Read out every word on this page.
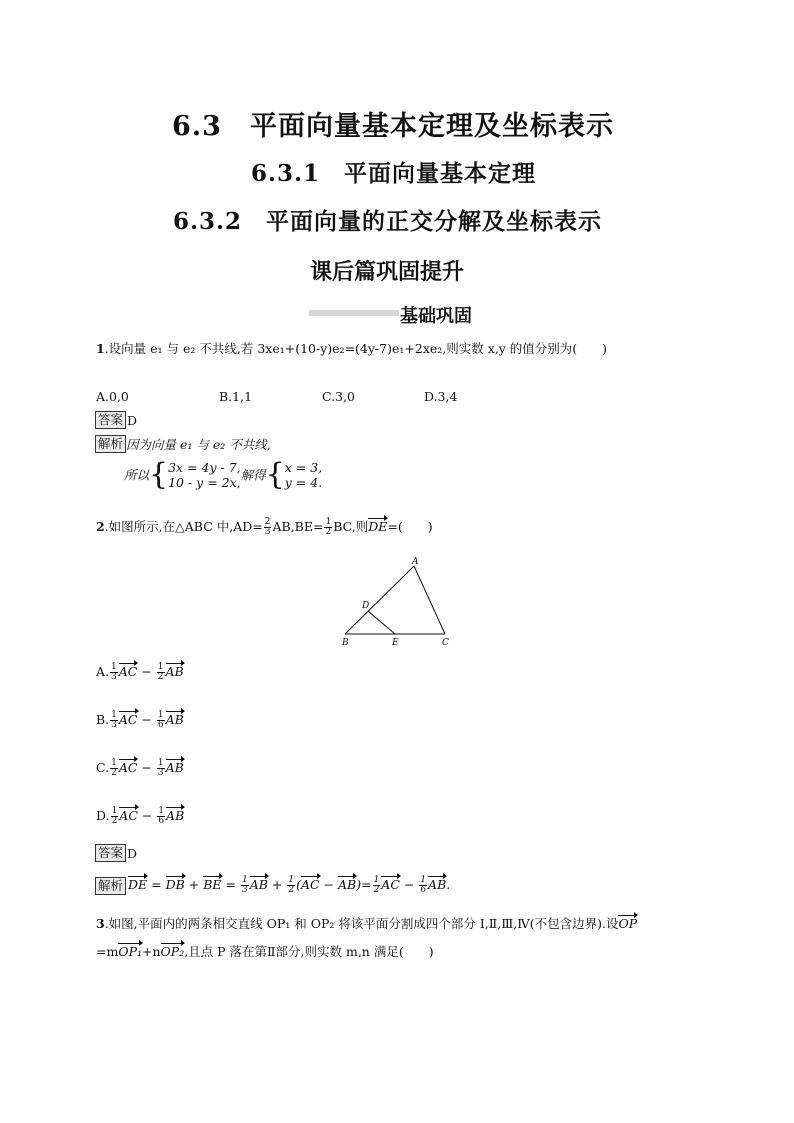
6.3　平面向量基本定理及坐标表示
6.3.1　平面向量基本定理
6.3.2　平面向量的正交分解及坐标表示
课后篇巩固提升
基础巩固
1.设向量 e₁ 与 e₂ 不共线,若 3xe₁+(10-y)e₂=(4y-7)e₁+2xe₂,则实数 x,y 的值分别为(　　)
A.0,0	B.1,1	C.3,0	D.3,4
答案 D
解析 因为向量 e₁ 与 e₂ 不共线,
所以{ 3x = 4y - 7,
10 - y = 2x, 解得{ x = 3,
y = 4.
2.如图所示,在△ABC 中$,AD= \frac{2}{3} AB,BE= \frac{1}{2}$ BC,则DE=(　　)
A
B	C
D
E
A. $\frac{1}{3}$ AC − $\frac{1}{2}$ AB
B. $\frac{1}{3}$ AC − $\frac{1}{6}$ AB
C. $\frac{1}{2}$ AC − $\frac{1}{3}$ AB
D. $\frac{1}{2}$ AC − $\frac{1}{6}$ AB
答案 D
解析 DE = DB + BE = $\frac{1}{3}$ AB + $\frac{1}{2} (AC - AB)= \frac{1}{2}$ AC − $\frac{1}{6}$ AB.
3.如图,平面内的两条相交直线 OP₁ 和 OP₂ 将该平面分割成四个部分 Ⅰ,Ⅱ,Ⅲ,Ⅳ(不包含边界).设OP
=mOP₁+nOP₂,且点 P 落在第Ⅱ部分,则实数 m,n 满足(　　)
